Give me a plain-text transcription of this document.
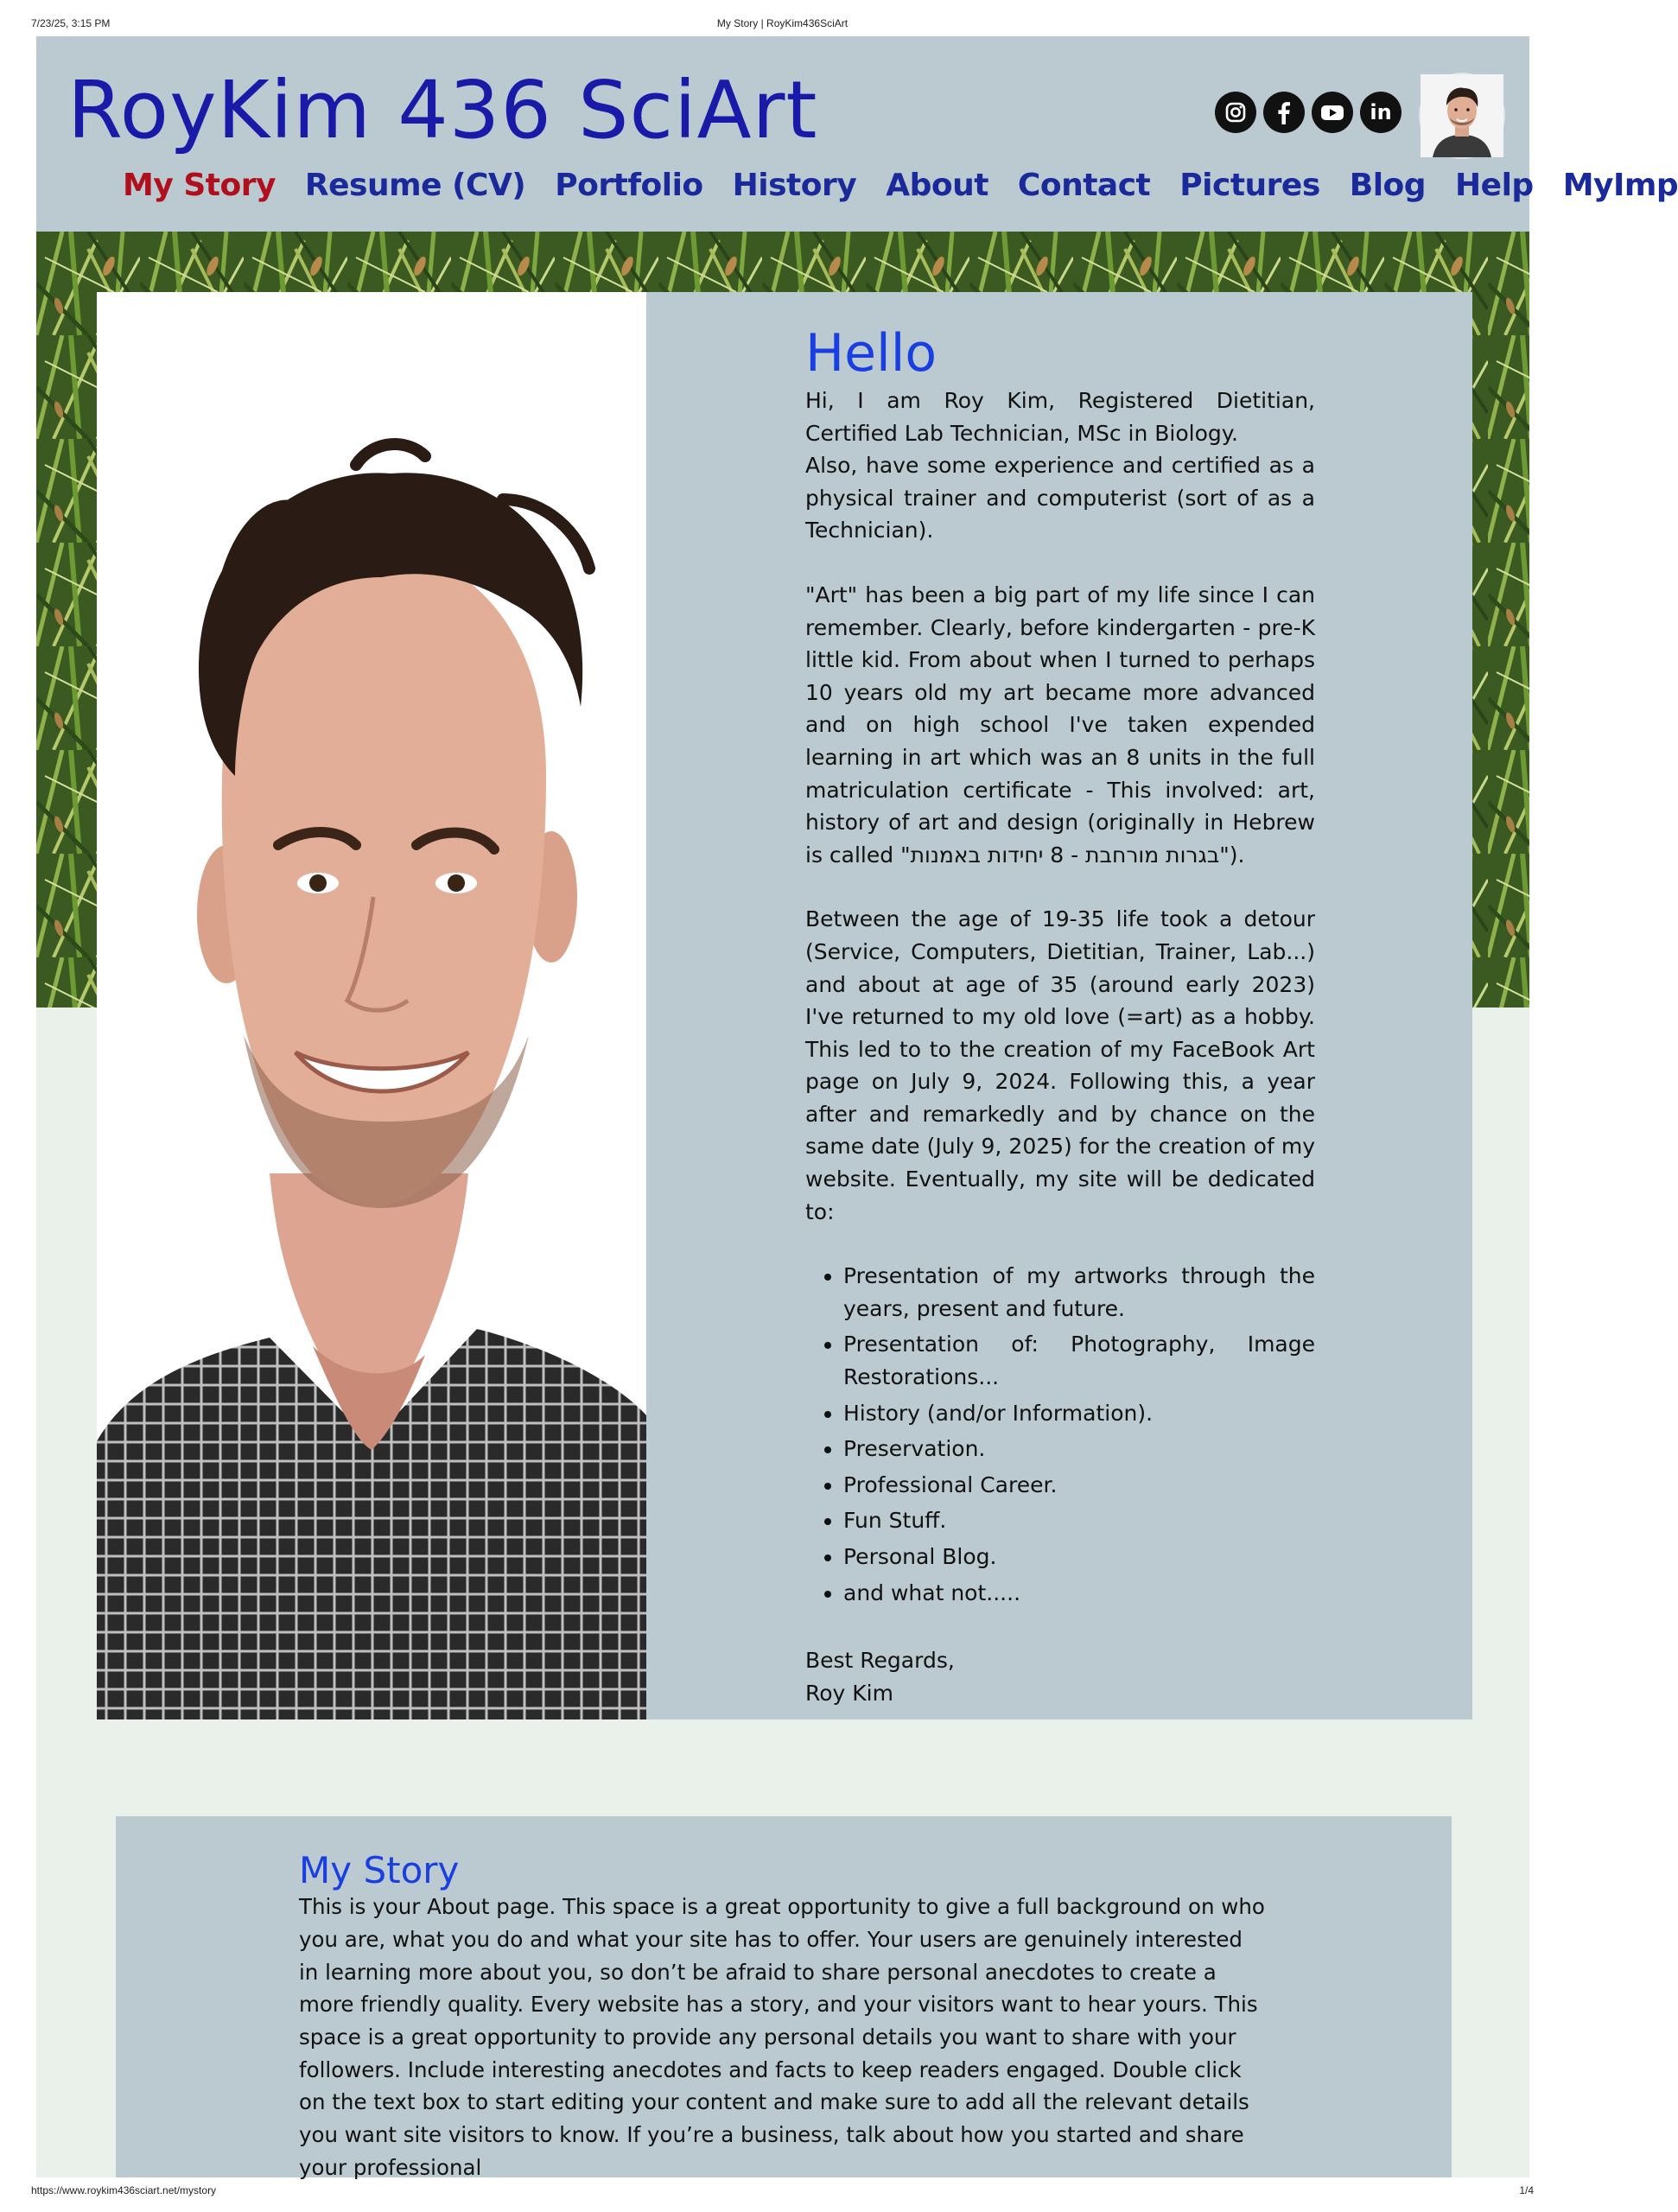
7/23/25, 3:15 PM	My Story | RoyKim436SciArt
RoyKim 436 SciArt	in
My Story Resume (CV) Portfolio History About Contact Pictures Blog Help MyImp
Hello

Hi, I am Roy Kim, Registered Dietitian, Certified Lab Technician, MSc in Biology.

Also, have some experience and certified as a physical trainer and computerist (sort of as a Technician).

"Art" has been a big part of my life since I can remember. Clearly, before kindergarten - pre-K little kid. From about when I turned to perhaps 10 years old my art became more advanced and on high school I've taken expended learning in art which was an 8 units in the full matriculation certificate - This involved: art, history of art and design (originally in Hebrew is called "בגרות מורחבת - 8 יחידות באמנות").

Between the age of 19-35 life took a detour (Service, Computers, Dietitian, Trainer, Lab...) and about at age of 35 (around early 2023) I've returned to my old love (=art) as a hobby. This led to to the creation of my FaceBook Art page on July 9, 2024. Following this, a year after and remarkedly and by chance on the same date (July 9, 2025) for the creation of my website. Eventually, my site will be dedicated to:

• Presentation of my artworks through the years, present and future.
• Presentation of: Photography, Image Restorations...
• History (and/or Information).
• Preservation.
• Professional Career.
• Fun Stuff.
• Personal Blog.
• and what not.....

Best Regards,

Roy Kim

My Story

This is your About page. This space is a great opportunity to give a full background on who you are, what you do and what your site has to offer. Your users are genuinely interested in learning more about you, so don’t be afraid to share personal anecdotes to create a more friendly quality. Every website has a story, and your visitors want to hear yours. This space is a great opportunity to provide any personal details you want to share with your followers. Include interesting anecdotes and facts to keep readers engaged. Double click on the text box to start editing your content and make sure to add all the relevant details you want site visitors to know. If you’re a business, talk about how you started and share your professional

https://www.roykim436sciart.net/mystory	1/4
